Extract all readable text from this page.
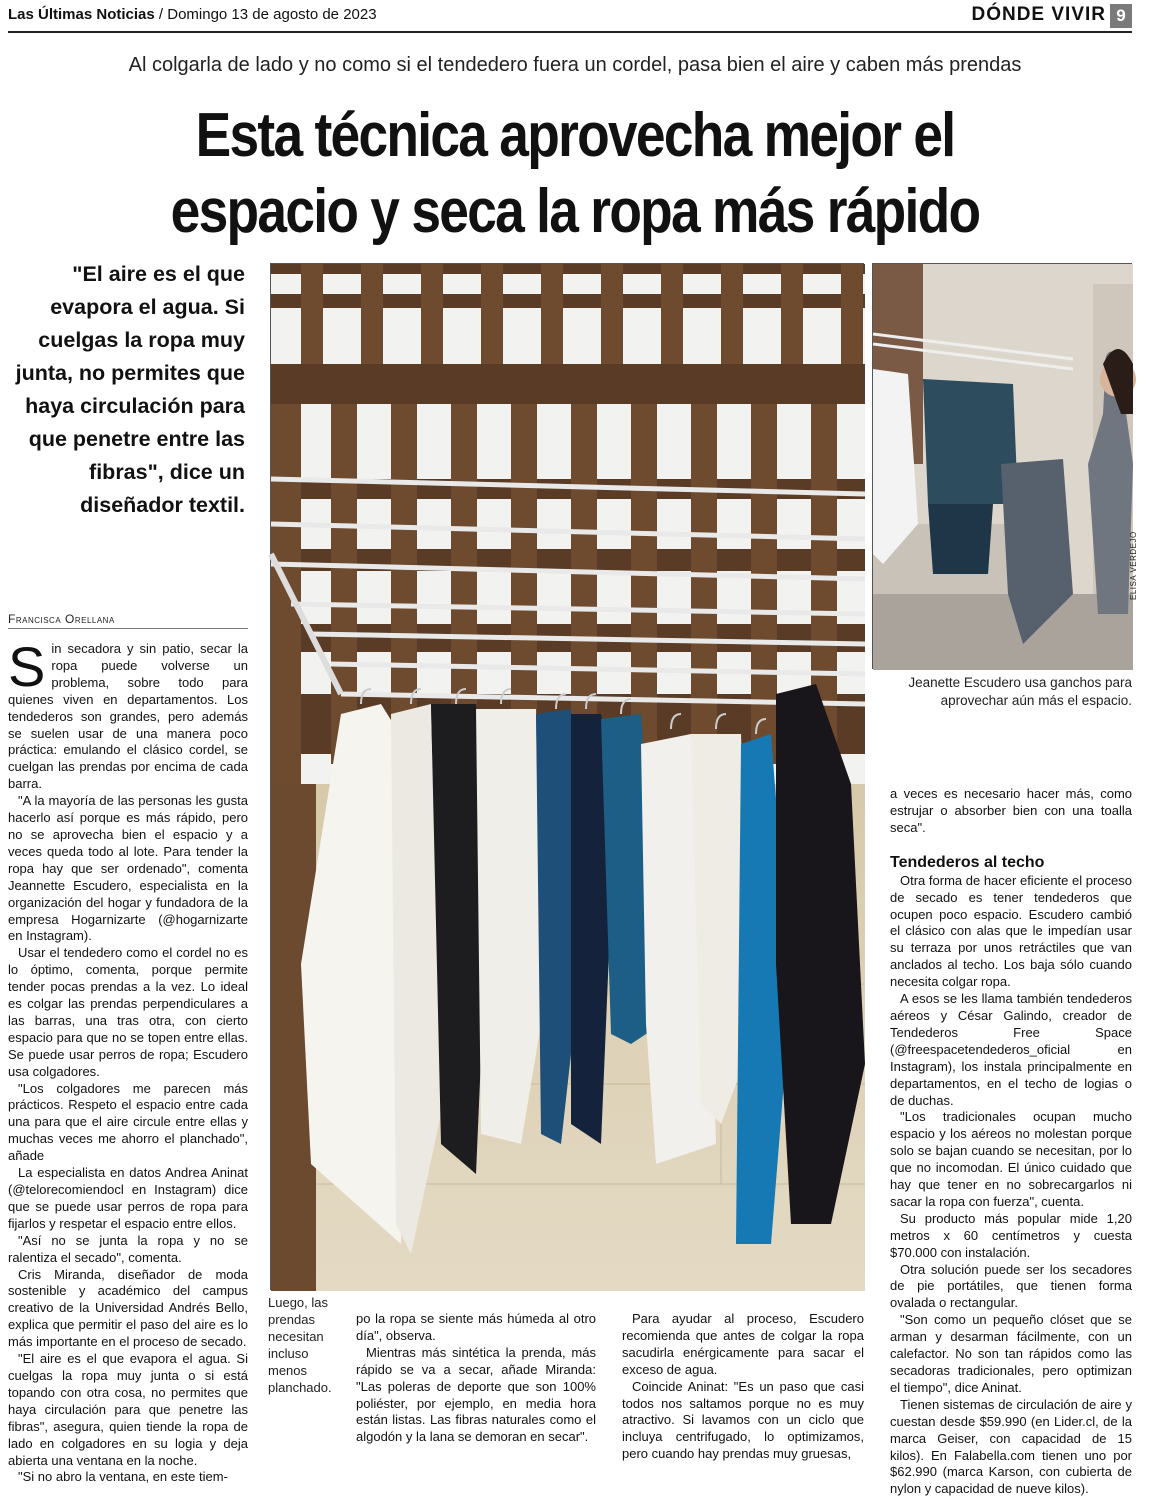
Las Últimas Noticias / Domingo 13 de agosto de 2023	DÓNDE VIVIR 9
Al colgarla de lado y no como si el tendedero fuera un cordel, pasa bien el aire y caben más prendas
Esta técnica aprovecha mejor el
espacio y seca la ropa más rápido
"El aire es el que evapora el agua. Si cuelgas la ropa muy junta, no permites que haya circulación para que penetre entre las fibras", dice un diseñador textil.
ELISA VERDEJO
Jeanette Escudero usa ganchos para aprovechar aún más el espacio.
Luego, las prendas necesitan incluso menos planchado.
Francisca Orellana

Sin secadora y sin patio, secar la ropa puede volverse un problema, sobre todo para quienes viven en departamentos. Los tendederos son grandes, pero además se suelen usar de una manera poco práctica: emulando el clásico cordel, se cuelgan las prendas por encima de cada barra.

"A la mayoría de las personas les gusta hacerlo así porque es más rápido, pero no se aprovecha bien el espacio y a veces queda todo al lote. Para tender la ropa hay que ser ordenado", comenta Jeannette Escudero, especialista en la organización del hogar y fundadora de la empresa Hogarnizarte (@hogarnizarte en Instagram).

Usar el tendedero como el cordel no es lo óptimo, comenta, porque permite tender pocas prendas a la vez. Lo ideal es colgar las prendas perpendiculares a las barras, una tras otra, con cierto espacio para que no se topen entre ellas. Se puede usar perros de ropa; Escudero usa colgadores.

"Los colgadores me parecen más prácticos. Respeto el espacio entre cada una para que el aire circule entre ellas y muchas veces me ahorro el planchado", añade

La especialista en datos Andrea Aninat (@telorecomiendocl en Instagram) dice que se puede usar perros de ropa para fijarlos y respetar el espacio entre ellos.

"Así no se junta la ropa y no se ralentiza el secado", comenta.

Cris Miranda, diseñador de moda sostenible y académico del campus creativo de la Universidad Andrés Bello, explica que permitir el paso del aire es lo más importante en el proceso de secado.

"El aire es el que evapora el agua. Si cuelgas la ropa muy junta o si está topando con otra cosa, no permites que haya circulación para que penetre las fibras", asegura, quien tiende la ropa de lado en colgadores en su logia y deja abierta una ventana en la noche.

"Si no abro la ventana, en este tiem-

po la ropa se siente más húmeda al otro día", observa.

Mientras más sintética la prenda, más rápido se va a secar, añade Miranda: "Las poleras de deporte que son 100% poliéster, por ejemplo, en media hora están listas. Las fibras naturales como el algodón y la lana se demoran en secar".

Para ayudar al proceso, Escudero recomienda que antes de colgar la ropa sacudirla enérgicamente para sacar el exceso de agua.

Coincide Aninat: "Es un paso que casi todos nos saltamos porque no es muy atractivo. Si lavamos con un ciclo que incluya centrifugado, lo optimizamos, pero cuando hay prendas muy gruesas,

a veces es necesario hacer más, como estrujar o absorber bien con una toalla seca".

Tendederos al techo

Otra forma de hacer eficiente el proceso de secado es tener tendederos que ocupen poco espacio. Escudero cambió el clásico con alas que le impedían usar su terraza por unos retráctiles que van anclados al techo. Los baja sólo cuando necesita colgar ropa.

A esos se les llama también tendederos aéreos y César Galindo, creador de Tendederos Free Space (@freespacetendederos_oficial en Instagram), los instala principalmente en departamentos, en el techo de logias o de duchas.

"Los tradicionales ocupan mucho espacio y los aéreos no molestan porque solo se bajan cuando se necesitan, por lo que no incomodan. El único cuidado que hay que tener en no sobrecargarlos ni sacar la ropa con fuerza", cuenta.

Su producto más popular mide 1,20 metros x 60 centímetros y cuesta $70.000 con instalación.

Otra solución puede ser los secadores de pie portátiles, que tienen forma ovalada o rectangular.

"Son como un pequeño clóset que se arman y desarman fácilmente, con un calefactor. No son tan rápidos como las secadoras tradicionales, pero optimizan el tiempo", dice Aninat.

Tienen sistemas de circulación de aire y cuestan desde $59.990 (en Lider.cl, de la marca Geiser, con capacidad de 15 kilos). En Falabella.com tienen uno por $62.990 (marca Karson, con cubierta de nylon y capacidad de nueve kilos).
